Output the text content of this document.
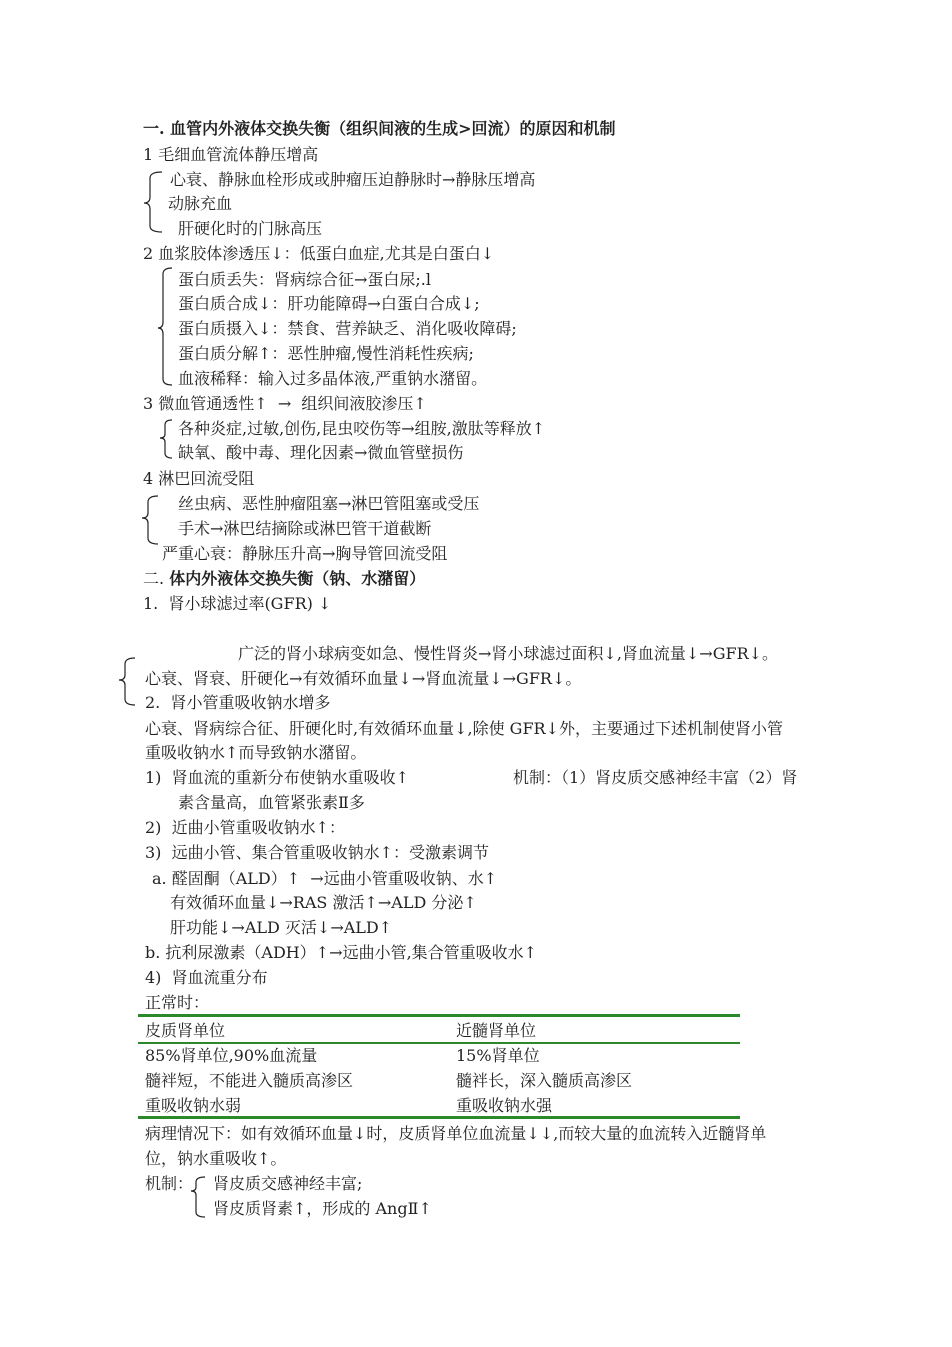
一. 血管内外液体交换失衡（组织间液的生成>回流）的原因和机制
1 毛细血管流体静压增高
心衰、静脉血栓形成或肿瘤压迫静脉时→静脉压增高
动脉充血
肝硬化时的门脉高压
2 血浆胶体渗透压↓：低蛋白血症,尤其是白蛋白↓
蛋白质丢失：肾病综合征→蛋白尿;.l
蛋白质合成↓：肝功能障碍→白蛋白合成↓;
蛋白质摄入↓：禁食、营养缺乏、消化吸收障碍;
蛋白质分解↑：恶性肿瘤,慢性消耗性疾病;
血液稀释：输入过多晶体液,严重钠水潴留。
3 微血管通透性↑  →  组织间液胶渗压↑
各种炎症,过敏,创伤,昆虫咬伤等→组胺,激肽等释放↑
缺氧、酸中毒、理化因素→微血管壁损伤
4 淋巴回流受阻
丝虫病、恶性肿瘤阻塞→淋巴管阻塞或受压
手术→淋巴结摘除或淋巴管干道截断
严重心衰：静脉压升高→胸导管回流受阻
二. 体内外液体交换失衡（钠、水潴留）
1.  肾小球滤过率(GFR) ↓
广泛的肾小球病变如急、慢性肾炎→肾小球滤过面积↓,肾血流量↓→GFR↓。
心衰、肾衰、肝硬化→有效循环血量↓→肾血流量↓→GFR↓。
2.  肾小管重吸收钠水增多
心衰、肾病综合征、肝硬化时,有效循环血量↓,除使 GFR↓外，主要通过下述机制使肾小管
重吸收钠水↑而导致钠水潴留。
1)  肾血流的重新分布使钠水重吸收↑	机制：（1）肾皮质交感神经丰富（2）肾
素含量高，血管紧张素Ⅱ多
2)  近曲小管重吸收钠水↑：
3)  远曲小管、集合管重吸收钠水↑：受激素调节
a. 醛固酮（ALD）↑  →远曲小管重吸收钠、水↑
有效循环血量↓→RAS 激活↑→ALD 分泌↑
肝功能↓→ALD 灭活↓→ALD↑
b. 抗利尿激素（ADH）↑→远曲小管,集合管重吸收水↑
4)  肾血流重分布
正常时：
皮质肾单位	近髓肾单位
85%肾单位,90%血流量	15%肾单位
髓袢短，不能进入髓质高渗区	髓袢长，深入髓质高渗区
重吸收钠水弱	重吸收钠水强
病理情况下：如有效循环血量↓时，皮质肾单位血流量↓↓,而较大量的血流转入近髓肾单
位，钠水重吸收↑。
机制： 肾皮质交感神经丰富;
肾皮质肾素↑，形成的 AngⅡ↑
